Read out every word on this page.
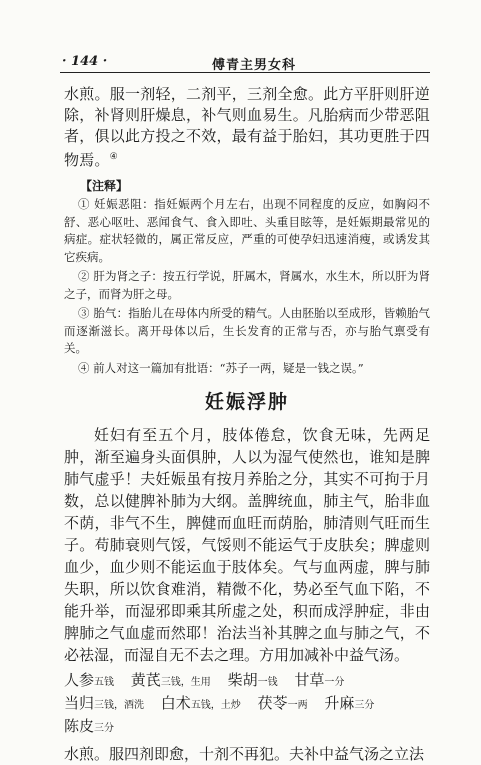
· 144 ·	傅青主男女科

水煎。服一剂轻，二剂平，三剂全愈。此方平肝则肝逆除，补肾则肝燥息，补气则血易生。凡胎病而少带恶阻者，俱以此方投之不效，最有益于胎妇，其功更胜于四物焉。④

【注释】

① 妊娠恶阻：指妊娠两个月左右，出现不同程度的反应，如胸闷不舒、恶心呕吐、恶闻食气、食入即吐、头重目眩等，是妊娠期最常见的病症。症状轻微的，属正常反应，严重的可使孕妇迅速消瘦，或诱发其它疾病。

② 肝为肾之子：按五行学说，肝属木，肾属水，水生木，所以肝为肾之子，而肾为肝之母。

③ 胎气：指胎儿在母体内所受的精气。人由胚胎以至成形，皆赖胎气而逐渐滋长。离开母体以后，生长发育的正常与否，亦与胎气禀受有关。

④ 前人对这一篇加有批语：“苏子一两，疑是一钱之误。”

妊娠浮肿

妊妇有至五个月，肢体倦怠，饮食无味，先两足肿，渐至遍身头面俱肿，人以为湿气使然也，谁知是脾肺气虚乎！夫妊娠虽有按月养胎之分，其实不可拘于月数，总以健脾补肺为大纲。盖脾统血，肺主气，胎非血不荫，非气不生，脾健而血旺而荫胎，肺清则气旺而生子。苟肺衰则气馁，气馁则不能运气于皮肤矣；脾虚则血少，血少则不能运血于肢体矣。气与血两虚，脾与肺失职，所以饮食难消，精微不化，势必至气血下陷，不能升举，而湿邪即乘其所虚之处，积而成浮肿症，非由脾肺之气血虚而然耶！治法当补其脾之血与肺之气，不必祛湿，而湿自无不去之理。方用加减补中益气汤。

人参五钱 黄芪三钱，生用 柴胡一钱 甘草一分 当归三钱，酒洗 白术五钱，土炒 茯苓一两 升麻三分 陈皮三分

水煎。服四剂即愈，十剂不再犯。夫补中益气汤之立法
